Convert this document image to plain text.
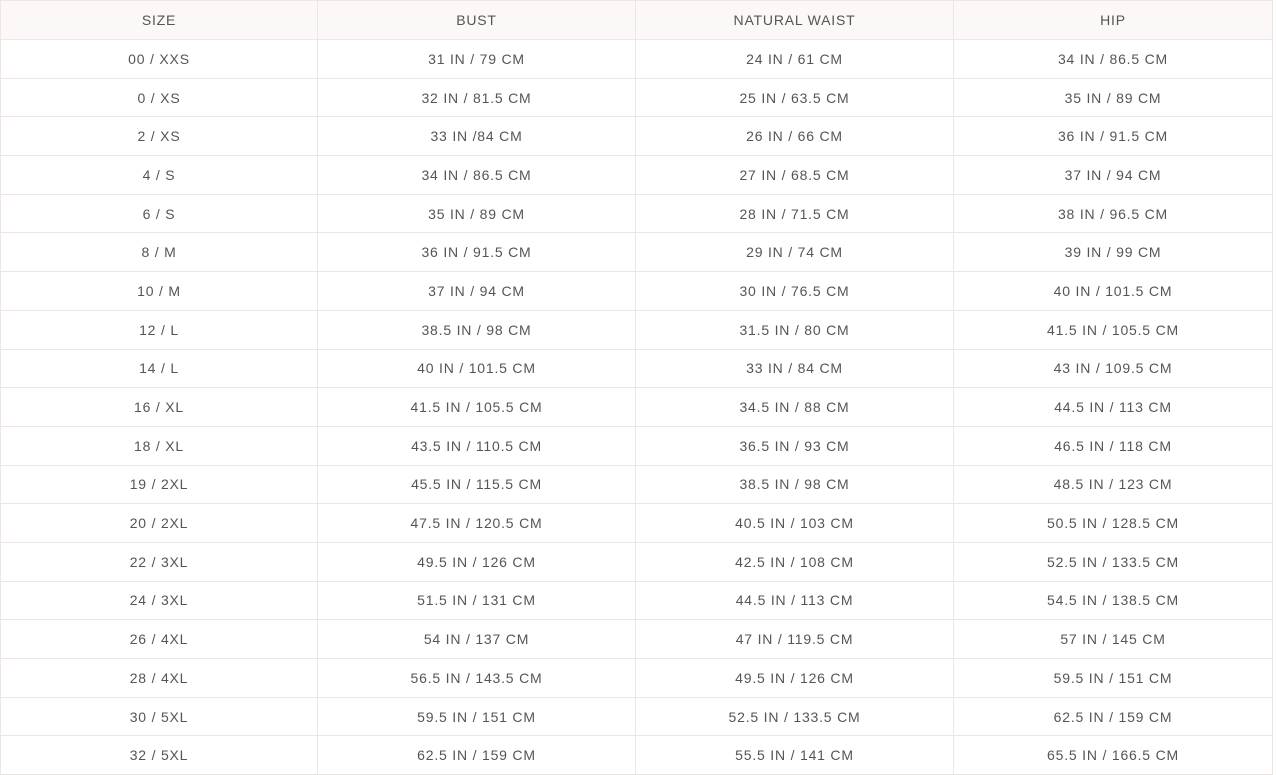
SIZE	BUST	NATURAL WAIST	HIP
00 / XXS	31 IN / 79 CM	24 IN / 61 CM	34 IN / 86.5 CM
0 / XS	32 IN / 81.5 CM	25 IN / 63.5 CM	35 IN / 89 CM
2 / XS	33 IN /84 CM	26 IN / 66 CM	36 IN / 91.5 CM
4 / S	34 IN / 86.5 CM	27 IN / 68.5 CM	37 IN / 94 CM
6 / S	35 IN / 89 CM	28 IN / 71.5 CM	38 IN / 96.5 CM
8 / M	36 IN / 91.5 CM	29 IN / 74 CM	39 IN / 99 CM
10 / M	37 IN / 94 CM	30 IN / 76.5 CM	40 IN / 101.5 CM
12 / L	38.5 IN / 98 CM	31.5 IN / 80 CM	41.5 IN / 105.5 CM
14 / L	40 IN / 101.5 CM	33 IN / 84 CM	43 IN / 109.5 CM
16 / XL	41.5 IN / 105.5 CM	34.5 IN / 88 CM	44.5 IN / 113 CM
18 / XL	43.5 IN / 110.5 CM	36.5 IN / 93 CM	46.5 IN / 118 CM
19 / 2XL	45.5 IN / 115.5 CM	38.5 IN / 98 CM	48.5 IN / 123 CM
20 / 2XL	47.5 IN / 120.5 CM	40.5 IN / 103 CM	50.5 IN / 128.5 CM
22 / 3XL	49.5 IN / 126 CM	42.5 IN / 108 CM	52.5 IN / 133.5 CM
24 / 3XL	51.5 IN / 131 CM	44.5 IN / 113 CM	54.5 IN / 138.5 CM
26 / 4XL	54 IN / 137 CM	47 IN / 119.5 CM	57 IN / 145 CM
28 / 4XL	56.5 IN / 143.5 CM	49.5 IN / 126 CM	59.5 IN / 151 CM
30 / 5XL	59.5 IN / 151 CM	52.5 IN / 133.5 CM	62.5 IN / 159 CM
32 / 5XL	62.5 IN / 159 CM	55.5 IN / 141 CM	65.5 IN / 166.5 CM
